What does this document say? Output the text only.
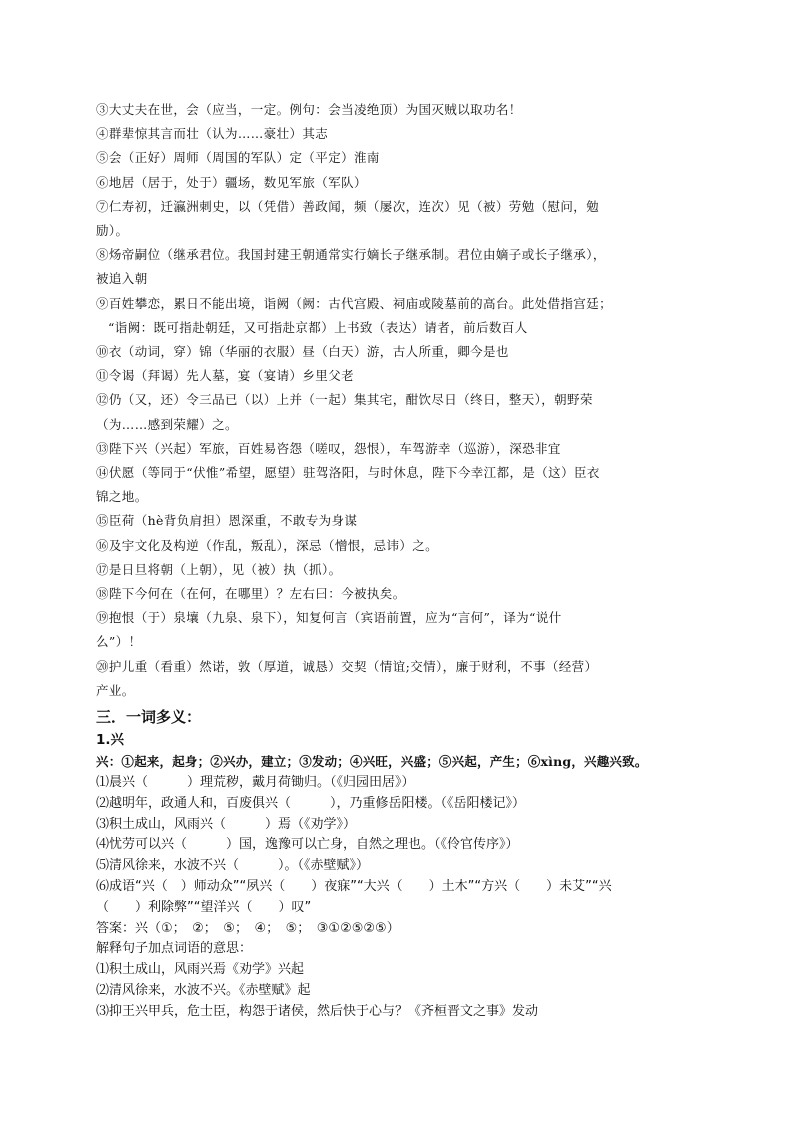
③大丈夫在世，会（应当，一定。例句：会当凌绝顶）为国灭贼以取功名！

④群辈惊其言而壮（认为……豪壮）其志

⑤会（正好）周师（周国的军队）定（平定）淮南

⑥地居（居于，处于）疆场，数见军旅（军队）

⑦仁寿初，迁瀛洲刺史，以（凭借）善政闻，频（屡次，连次）见（被）劳勉（慰问，勉

励）。

⑧炀帝嗣位（继承君位。我国封建王朝通常实行嫡长子继承制。君位由嫡子或长子继承），

被追入朝

⑨百姓攀恋，累日不能出境，诣阙（阙：古代宫殿、祠庙或陵墓前的高台。此处借指宫廷；

“诣阙：既可指赴朝廷，又可指赴京都）上书致（表达）请者，前后数百人

⑩衣（动词，穿）锦（华丽的衣服）昼（白天）游，古人所重，卿今是也

⑪令谒（拜谒）先人墓，宴（宴请）乡里父老

⑫仍（又，还）令三品已（以）上并（一起）集其宅，酣饮尽日（终日，整天），朝野荣

（为……感到荣耀）之。

⑬陛下兴（兴起）军旅，百姓易咨怨（嗟叹，怨恨），车驾游幸（巡游），深恐非宜

⑭伏愿（等同于“伏惟”希望，愿望）驻驾洛阳，与时休息，陛下今幸江都，是（这）臣衣

锦之地。

⑮臣荷（hè背负肩担）恩深重，不敢专为身谋

⑯及宇文化及构逆（作乱，叛乱），深忌（憎恨，忌讳）之。

⑰是日旦将朝（上朝），见（被）执（抓）。

⑱陛下今何在（在何，在哪里）？左右曰：今被执矣。

⑲抱恨（于）泉壤（九泉、泉下），知复何言（宾语前置，应为“言何”，译为“说什

么”）！

⑳护儿重（看重）然诺，敦（厚道，诚恳）交契（情谊;交情），廉于财利，不事（经营）

产业。

三．一词多义：
1.兴
兴：①起来，起身；②兴办，建立；③发动；④兴旺，兴盛；⑤兴起，产生；⑥xìng，兴趣兴致。

⑴晨兴（　　　）理荒秽，戴月荷锄归。（《归园田居》）

⑵越明年，政通人和，百废俱兴（　　　），乃重修岳阳楼。（《岳阳楼记》）

⑶积土成山，风雨兴（　　　）焉（《劝学》）

⑷忧劳可以兴（　　　）国，逸豫可以亡身，自然之理也。（《伶官传序》）

⑸清风徐来，水波不兴（　　　）。（《赤壁赋》）

⑹成语“兴（　）师动众”“夙兴（　　）夜寐”“大兴（　　）土木”“方兴（　　）未艾”“兴

（　　）利除弊”“望洋兴（　　）叹”

答案：兴（①；　②；　⑤；　④；　⑤；　③①②⑤②⑤）

解释句子加点词语的意思：

⑴积土成山，风雨兴焉《劝学》兴起

⑵清风徐来，水波不兴。《赤壁赋》起

⑶抑王兴甲兵，危士臣，构怨于诸侯，然后快于心与？《齐桓晋文之事》发动
